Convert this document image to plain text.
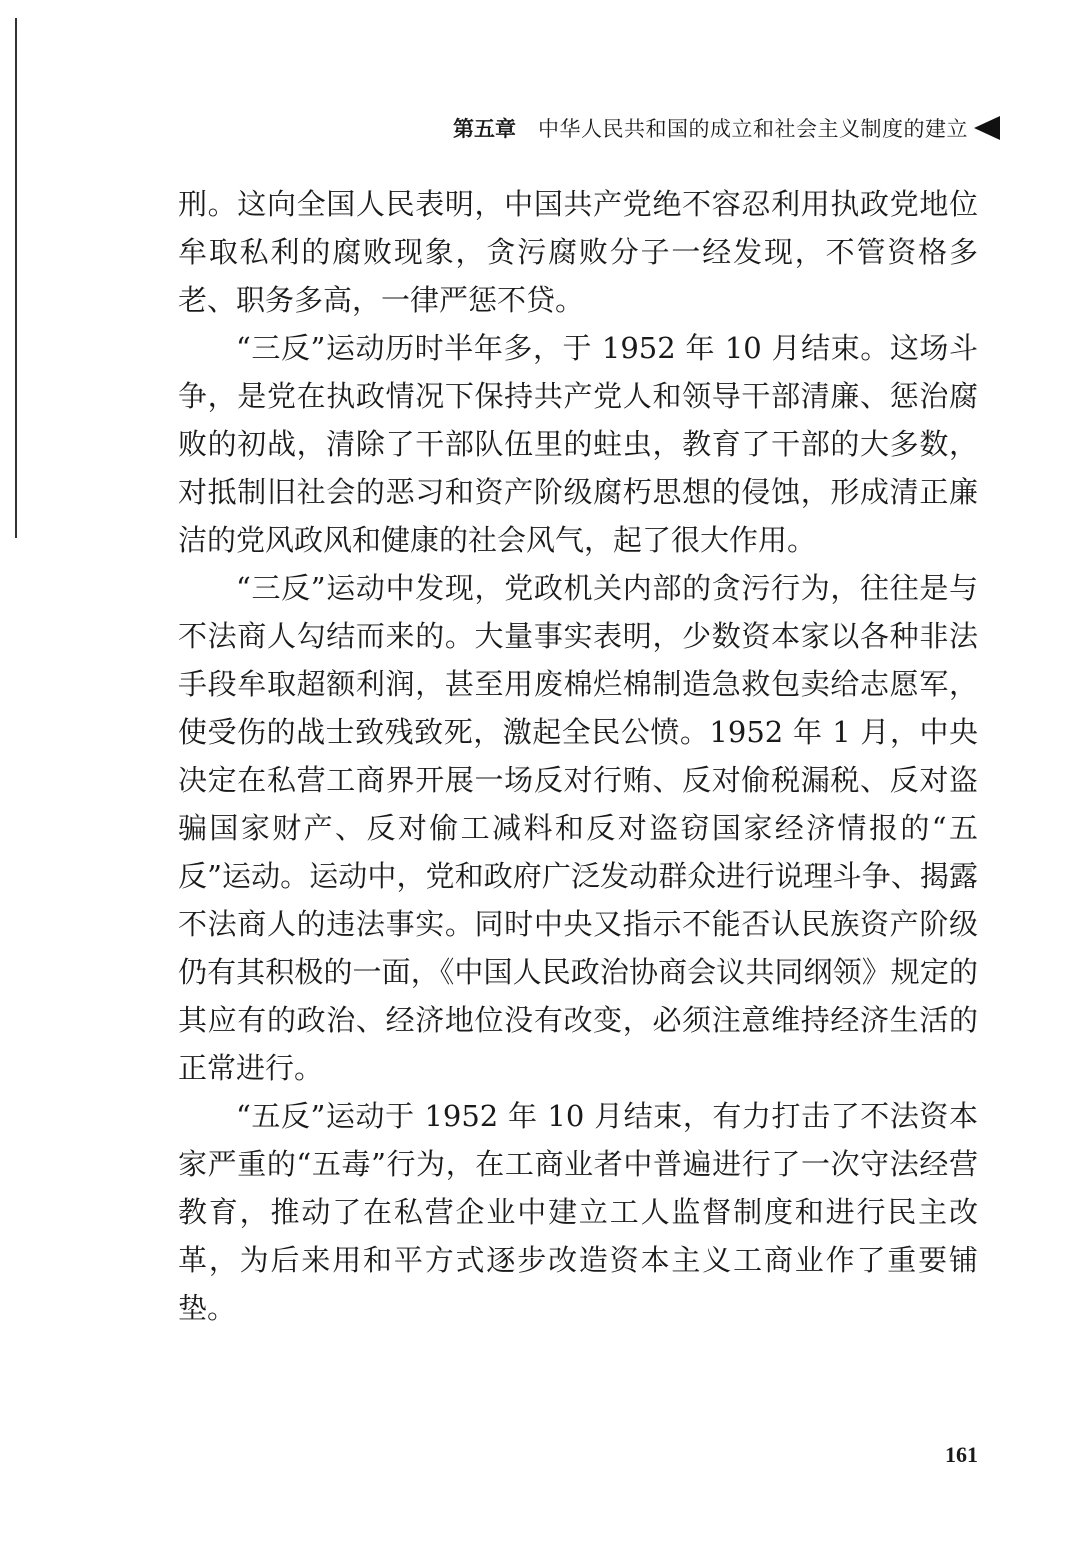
第五章 中华人民共和国的成立和社会主义制度的建立

刑。这向全国人民表明，中国共产党绝不容忍利用执政党地位牟取私利的腐败现象，贪污腐败分子一经发现，不管资格多老、职务多高，一律严惩不贷。

“三反”运动历时半年多，于 1952 年 10 月结束。这场斗争，是党在执政情况下保持共产党人和领导干部清廉、惩治腐败的初战，清除了干部队伍里的蛀虫，教育了干部的大多数，对抵制旧社会的恶习和资产阶级腐朽思想的侵蚀，形成清正廉洁的党风政风和健康的社会风气，起了很大作用。

“三反”运动中发现，党政机关内部的贪污行为，往往是与不法商人勾结而来的。大量事实表明，少数资本家以各种非法手段牟取超额利润，甚至用废棉烂棉制造急救包卖给志愿军，使受伤的战士致残致死，激起全民公愤。1952 年 1 月，中央决定在私营工商界开展一场反对行贿、反对偷税漏税、反对盗骗国家财产、反对偷工减料和反对盗窃国家经济情报的“五反”运动。运动中，党和政府广泛发动群众进行说理斗争、揭露不法商人的违法事实。同时中央又指示不能否认民族资产阶级仍有其积极的一面，《中国人民政治协商会议共同纲领》规定的其应有的政治、经济地位没有改变，必须注意维持经济生活的正常进行。

“五反”运动于 1952 年 10 月结束，有力打击了不法资本家严重的“五毒”行为，在工商业者中普遍进行了一次守法经营教育，推动了在私营企业中建立工人监督制度和进行民主改革，为后来用和平方式逐步改造资本主义工商业作了重要铺垫。

161
